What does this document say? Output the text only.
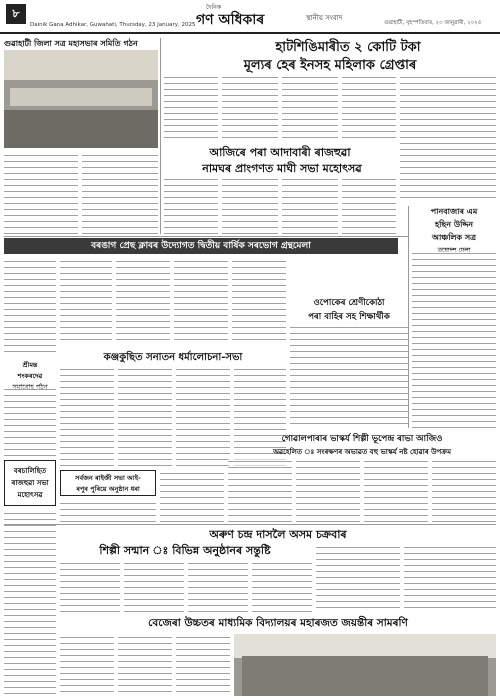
৮
Dainik Gana Adhikar, Guwahati, Thursday, 23 January, 2025
দৈনিক
গণ অধিকাৰ	স্থানীয় সংবাদ
গুৱাহাটী, বৃহস্পতিবাৰ, ২৩ জানুৱাৰী, ২০২৫
গুৱাহাটী জিলা সত্ৰ মহাসভাৰ সমিতি গঠন	হাটশিঙিমাৰীত ২ কোটি টকা
মূল্যৰ হেৰ ইনসহ মহিলাক গ্ৰেপ্তাৰ
আজিৰে পৰা আদাবাৰী ৰাজহুৱা
নামঘৰ প্ৰাংগণত মাঘী সভা মহোৎসৱ
পানবাজাৰ এম
হছিন উদ্দিন
আঞ্চলিক সত্ৰ
বৰঙাগ প্ৰেছ ক্লাবৰ উদ্যোগত দ্বিতীয় বাৰ্ষিক সৰভোগ গ্ৰন্থমেলা
ওপোকেৰ শ্ৰেণীকোঠা
পৰা বাহিৰ সহ শিক্ষাৰ্থীক
শ্ৰীমন্ত
শংকৰদেৱ
কঞ্জকুছিত সনাতন ধৰ্মালোচনা-সভা
গোৱালপাৰাৰ ভাস্কৰ্য শিল্পী ভূপেন্দ্ৰ ৰাভা আজিও
অৱহেলিত ঃ সংৰক্ষণৰ অভাৱত বহু ভাস্কৰ্য নষ্ট হোৱাৰ উপক্ৰম
বৰচালিছিত
ৰাজহুৱা সভা
মহোৎসৱ
সৰ্বজন ৰাইজী সভা আই-
ৰপুৰ পুৰিয়ে অনুষ্ঠান ধৰা
অৰুণ চন্দ্ৰ দাসলৈ অসম চক্ৰবাৰ
শিল্পী সন্মান ঃ বিভিন্ন অনুষ্ঠানৰ সন্তুষ্টি
বেজেৰা উচ্চতৰ মাধ্যমিক বিদ্যালয়ৰ মহাৰজত জয়ন্তীৰ সামৰণি
